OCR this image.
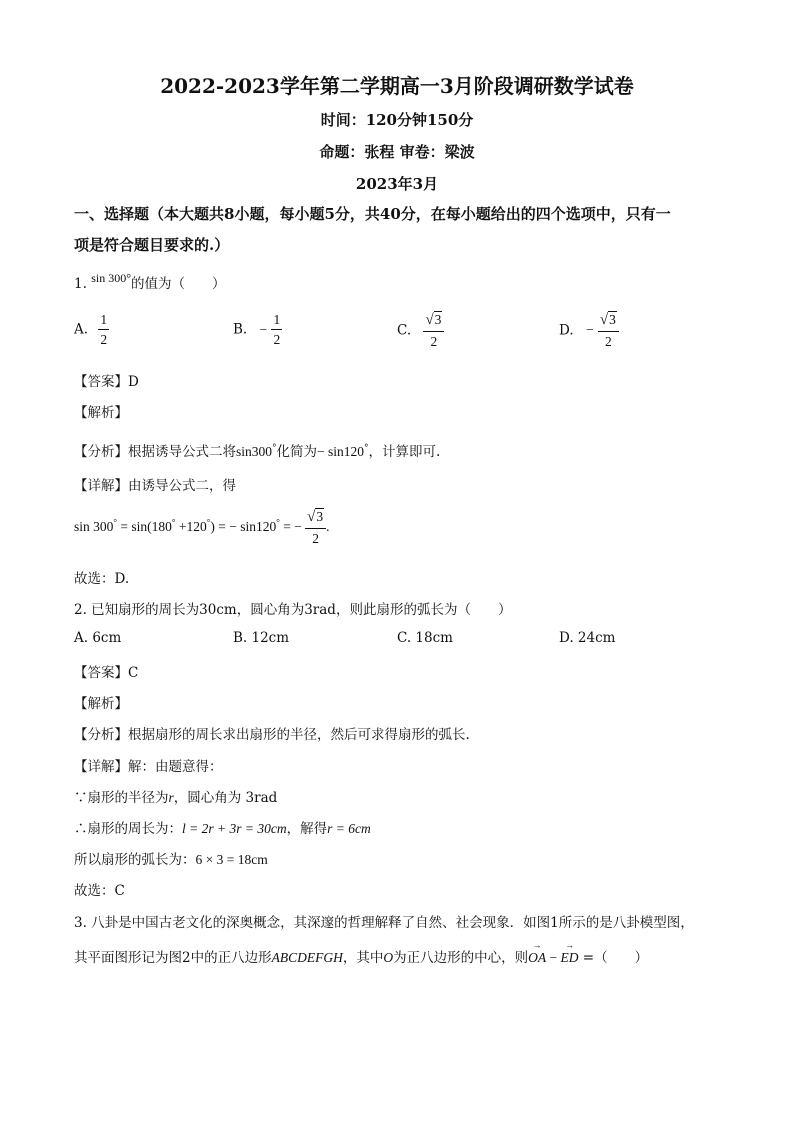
2022-2023学年第二学期高一3月阶段调研数学试卷
时间：120分钟150分
命题：张程 审卷：梁波
2023年3月
一、选择题（本大题共8小题，每小题5分，共40分，在每小题给出的四个选项中，只有一
项是符合题目要求的.）
1. sin 300°的值为（　　）
A. $\frac{1}{2}$	B. − $\frac{1}{2}$	C. $\frac{√3}{2}$	D. − $\frac{√3}{2}$
【答案】D
【解析】
【分析】根据诱导公式二将sin300°化简为− sin120°，计算即可.
【详解】由诱导公式二，得
sin 300° = sin(180° +120°) = − sin120° = − $\frac{√3}{2}$ .
故选：D.
2. 已知扇形的周长为30cm，圆心角为3rad，则此扇形的弧长为（　　）
A. 6cm	B. 12cm	C. 18cm	D. 24cm
【答案】C
【解析】
【分析】根据扇形的周长求出扇形的半径，然后可求得扇形的弧长.
【详解】解：由题意得：
∵扇形的半径为r，圆心角为 3rad
∴扇形的周长为：l = 2r + 3r = 30cm，解得r = 6cm
所以扇形的弧长为：6 × 3 = 18cm
故选：C
3. 八卦是中国古老文化的深奥概念，其深邃的哲理解释了自然、社会现象．如图1所示的是八卦模型图，
其平面图形记为图2中的正八边形ABCDEFGH，其中O为正八边形的中心，则→ OA − → ED =（　　）
